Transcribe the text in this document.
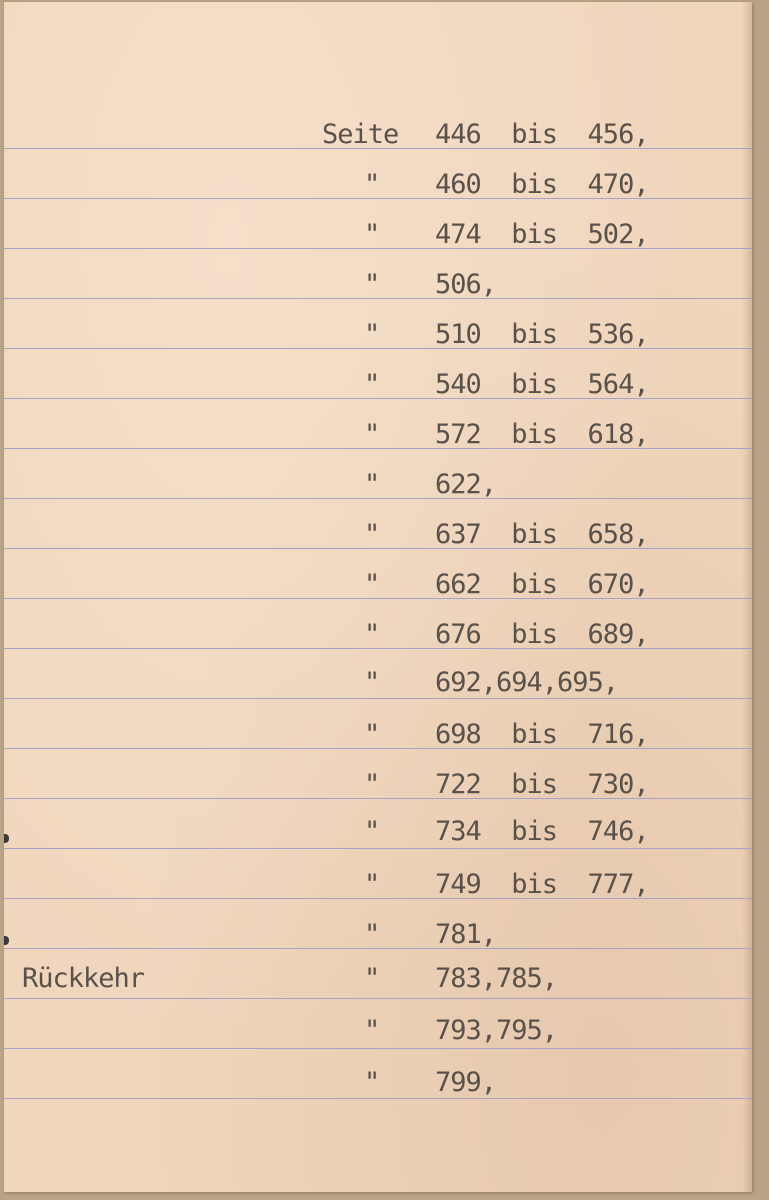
Rückkehr
Seite 446  bis  456,
" 460  bis  470,
" 474  bis  502,
" 506,
" 510  bis  536,
" 540  bis  564,
" 572  bis  618,
" 622,
" 637  bis  658,
" 662  bis  670,
" 676  bis  689,
" 692,694,695,
" 698  bis  716,
" 722  bis  730,
" 734  bis  746,
" 749  bis  777,
" 781,
" 783,785,
" 793,795,
" 799,
